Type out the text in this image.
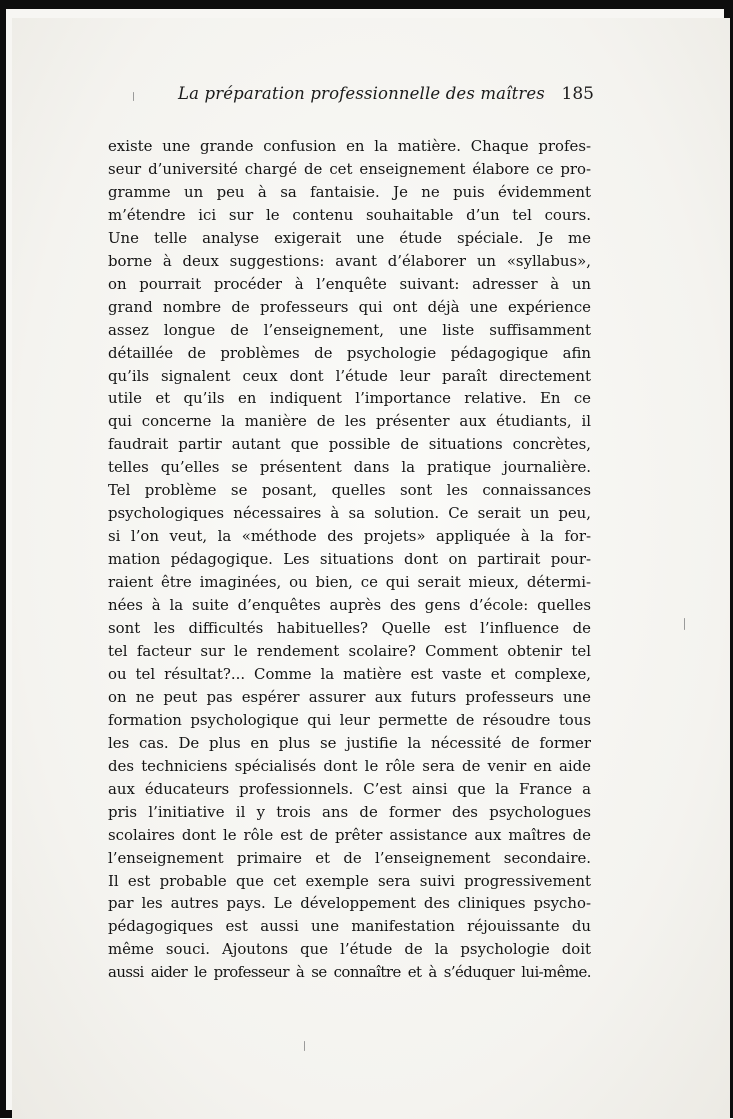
La préparation professionnelle des maîtres 185
existe une grande confusion en la matière. Chaque profes-
seur d’université chargé de cet enseignement élabore ce pro-
gramme un peu à sa fantaisie. Je ne puis évidemment
m’étendre ici sur le contenu souhaitable d’un tel cours.
Une telle analyse exigerait une étude spéciale. Je me
borne à deux suggestions: avant d’élaborer un «syllabus»,
on pourrait procéder à l’enquête suivant: adresser à un
grand nombre de professeurs qui ont déjà une expérience
assez longue de l’enseignement, une liste suffisamment
détaillée de problèmes de psychologie pédagogique afin
qu’ils signalent ceux dont l’étude leur paraît directement
utile et qu’ils en indiquent l’importance relative. En ce
qui concerne la manière de les présenter aux étudiants, il
faudrait partir autant que possible de situations concrètes,
telles qu’elles se présentent dans la pratique journalière.
Tel problème se posant, quelles sont les connaissances
psychologiques nécessaires à sa solution. Ce serait un peu,
si l’on veut, la «méthode des projets» appliquée à la for-
mation pédagogique. Les situations dont on partirait pour-
raient être imaginées, ou bien, ce qui serait mieux, détermi-
nées à la suite d’enquêtes auprès des gens d’école: quelles
sont les difficultés habituelles? Quelle est l’influence de
tel facteur sur le rendement scolaire? Comment obtenir tel
ou tel résultat?... Comme la matière est vaste et complexe,
on ne peut pas espérer assurer aux futurs professeurs une
formation psychologique qui leur permette de résoudre tous
les cas. De plus en plus se justifie la nécessité de former
des techniciens spécialisés dont le rôle sera de venir en aide
aux éducateurs professionnels. C’est ainsi que la France a
pris l’initiative il y trois ans de former des psychologues
scolaires dont le rôle est de prêter assistance aux maîtres de
l’enseignement primaire et de l’enseignement secondaire.
Il est probable que cet exemple sera suivi progressivement
par les autres pays. Le développement des cliniques psycho-
pédagogiques est aussi une manifestation réjouissante du
même souci. Ajoutons que l’étude de la psychologie doit
aussi aider le professeur à se connaître et à s’éduquer lui-même.
